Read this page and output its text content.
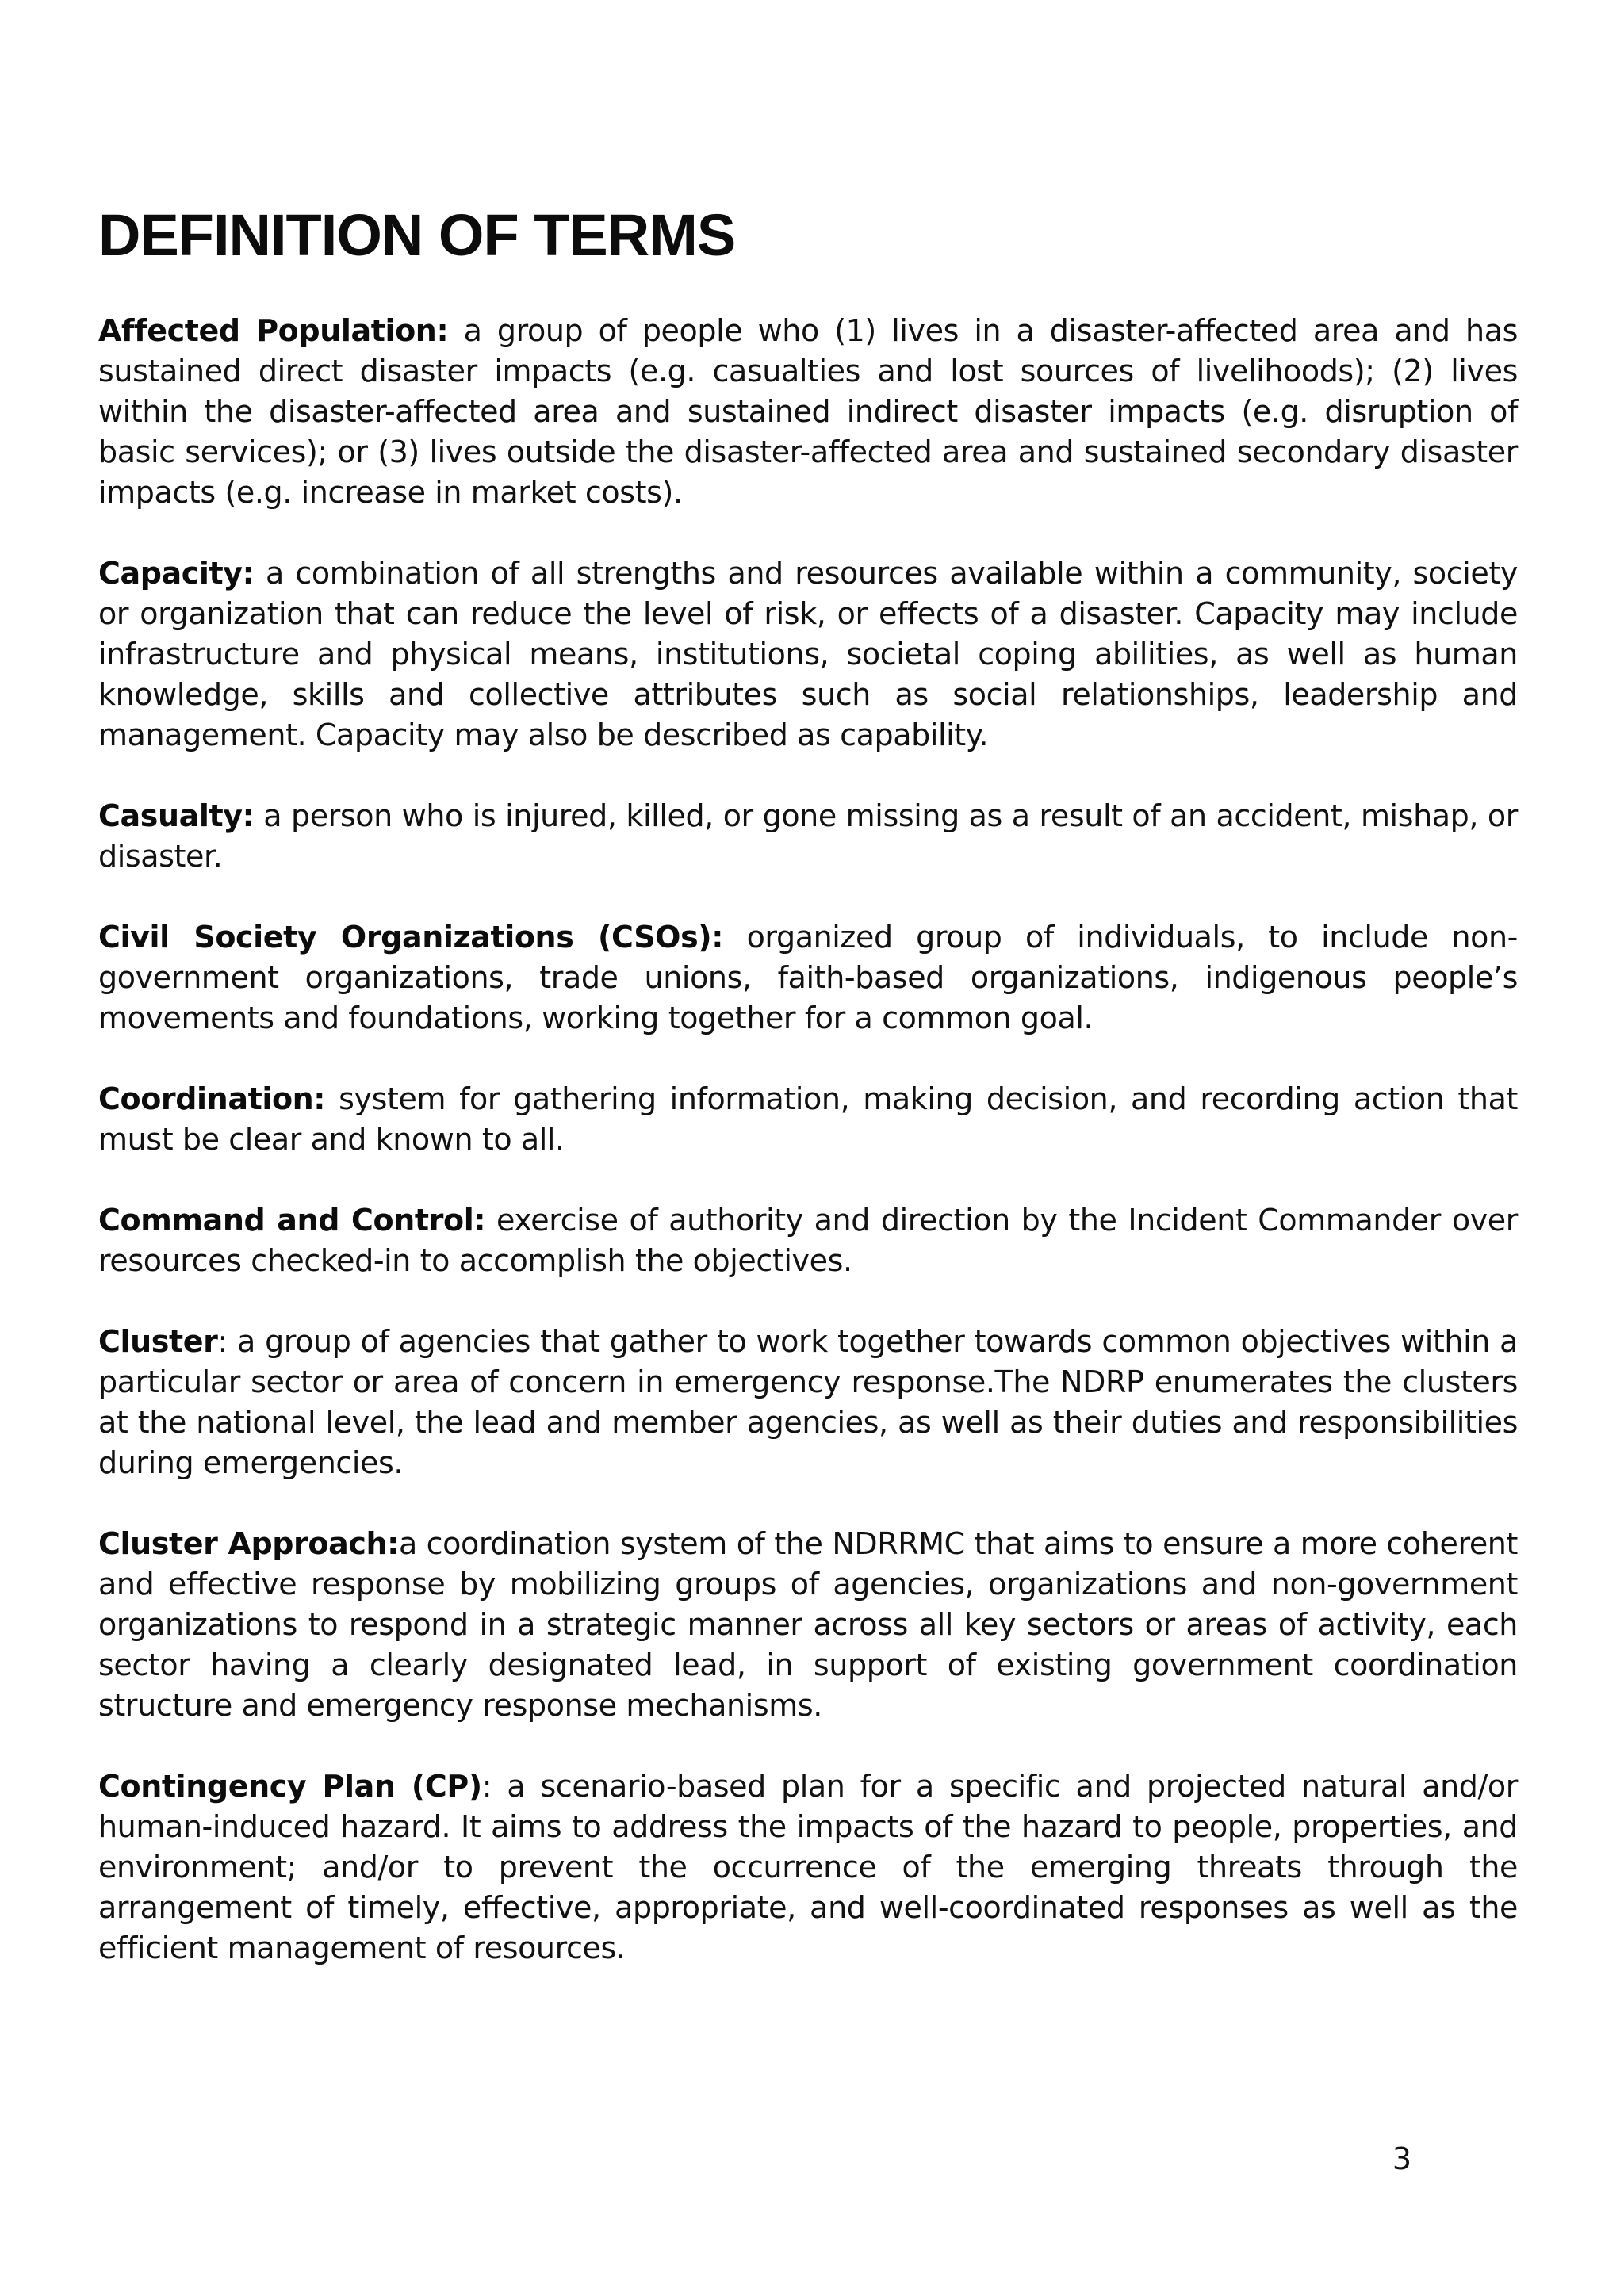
DEFINITION OF TERMS

Affected Population: a group of people who (1) lives in a disaster-affected area and has sustained direct disaster impacts (e.g. casualties and lost sources of livelihoods); (2) lives within the disaster-affected area and sustained indirect disaster impacts (e.g. disruption of basic services); or (3) lives outside the disaster-affected area and sustained secondary disaster impacts (e.g. increase in market costs).

Capacity: a combination of all strengths and resources available within a community, society or organization that can reduce the level of risk, or effects of a disaster. Capacity may include infrastructure and physical means, institutions, societal coping abilities, as well as human knowledge, skills and collective attributes such as social relationships, leadership and management. Capacity may also be described as capability.

Casualty: a person who is injured, killed, or gone missing as a result of an accident, mishap, or disaster.

Civil Society Organizations (CSOs): organized group of individuals, to include non-government organizations, trade unions, faith-based organizations, indigenous people’s movements and foundations, working together for a common goal.

Coordination: system for gathering information, making decision, and recording action that must be clear and known to all.

Command and Control: exercise of authority and direction by the Incident Commander over resources checked-in to accomplish the objectives.

Cluster: a group of agencies that gather to work together towards common objectives within a particular sector or area of concern in emergency response.The NDRP enumerates the clusters at the national level, the lead and member agencies, as well as their duties and responsibilities during emergencies.

Cluster Approach:a coordination system of the NDRRMC that aims to ensure a more coherent and effective response by mobilizing groups of agencies, organizations and non-government organizations to respond in a strategic manner across all key sectors or areas of activity, each sector having a clearly designated lead, in support of existing government coordination structure and emergency response mechanisms.

Contingency Plan (CP): a scenario-based plan for a specific and projected natural and/or human-induced hazard. It aims to address the impacts of the hazard to people, properties, and environment; and/or to prevent the occurrence of the emerging threats through the arrangement of timely, effective, appropriate, and well-coordinated responses as well as the efficient management of resources.

3
